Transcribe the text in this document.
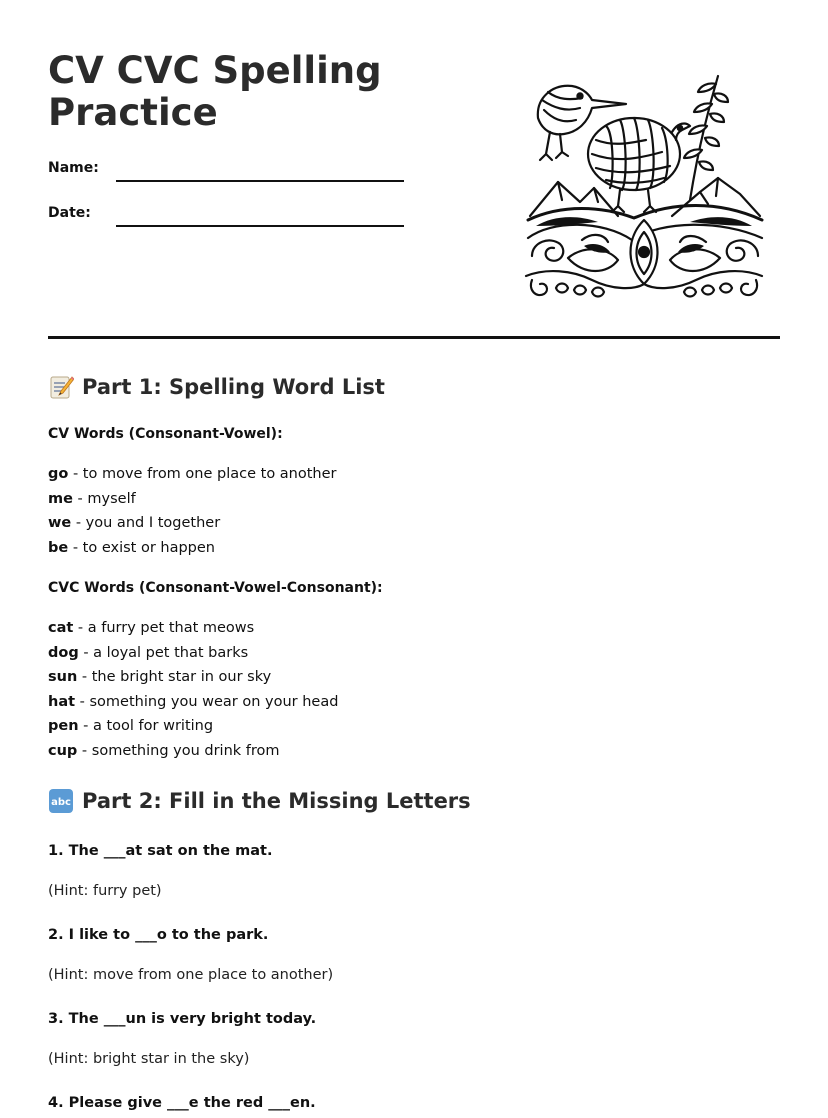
CV CVC Spelling Practice
Name:
Date:
Part 1: Spelling Word List
CV Words (Consonant-Vowel):
go - to move from one place to another
me - myself
we - you and I together
be - to exist or happen
CVC Words (Consonant-Vowel-Consonant):
cat - a furry pet that meows
dog - a loyal pet that barks
sun - the bright star in our sky
hat - something you wear on your head
pen - a tool for writing
cup - something you drink from
abc Part 2: Fill in the Missing Letters
1. The ___at sat on the mat.
(Hint: furry pet)
2. I like to ___o to the park.
(Hint: move from one place to another)
3. The ___un is very bright today.
(Hint: bright star in the sky)
4. Please give ___e the red ___en.
